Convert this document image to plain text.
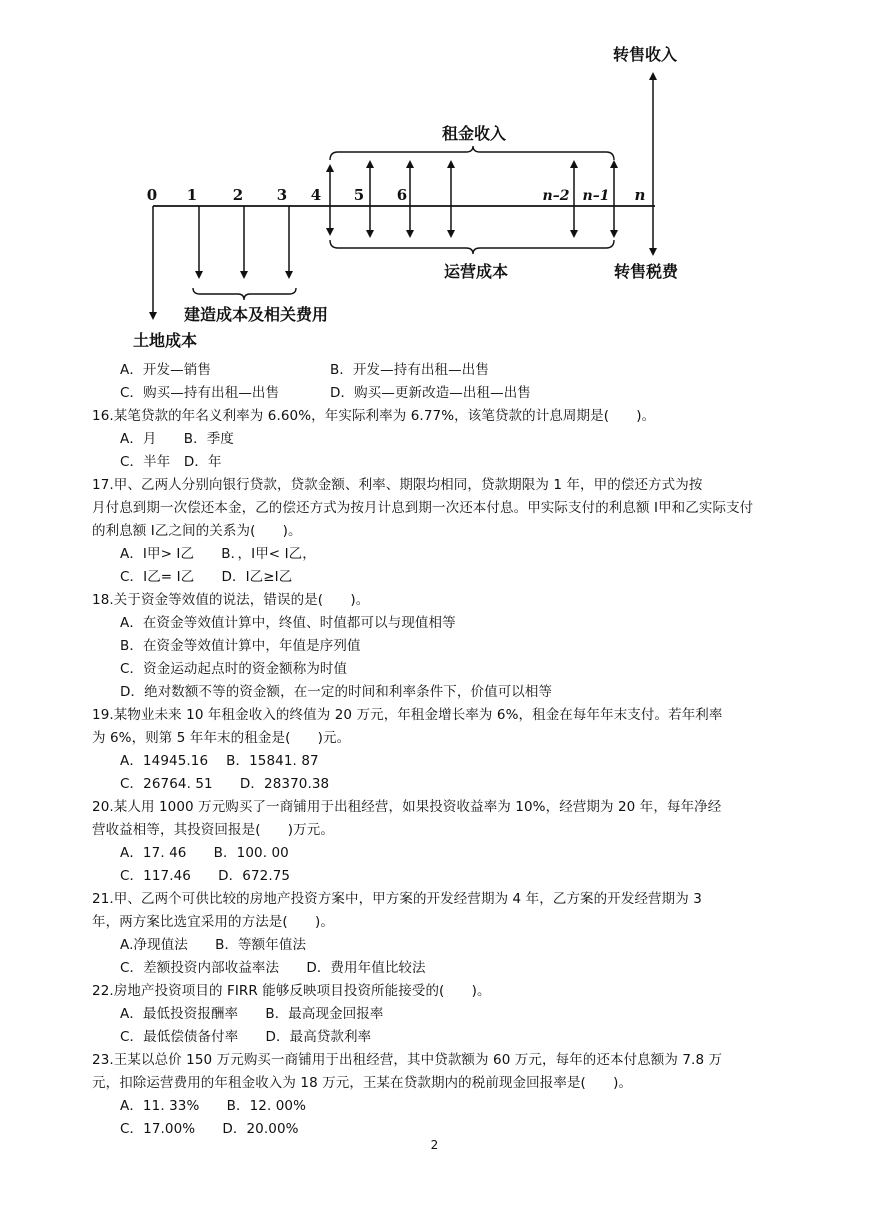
0 1 2 3 4 5 6	n–2 n–1 n
转售收入
租金收入
运营成本	转售税费
建造成本及相关费用
土地成本
A．开发—销售	B．开发—持有出租—出售
C．购买—持有出租—出售	D．购买—更新改造—出租—出售
16.某笔贷款的年名义利率为 6.60%，年实际利率为 6.77%，该笔贷款的计息周期是(　　)。
A．月　　B．季度
C．半年　D．年
17.甲、乙两人分别向银行贷款，贷款金额、利率、期限均相同，贷款期限为 1 年，甲的偿还方式为按
月付息到期一次偿还本金，乙的偿还方式为按月计息到期一次还本付息。甲实际支付的利息额 I甲和乙实际支付
的利息额 I乙之间的关系为(　　)。
A．I甲> I乙　　B．，I甲< I乙，
C．I乙= I乙　　D．I乙≥I乙
18.关于资金等效值的说法，错误的是(　　)。
A．在资金等效值计算中，终值、时值都可以与现值相等
B．在资金等效值计算中，年值是序列值
C．资金运动起点时的资金额称为时值
D．绝对数额不等的资金额，在一定的时间和利率条件下，价值可以相等
19.某物业未来 10 年租金收入的终值为 20 万元，年租金增长率为 6%，租金在每年年末支付。若年利率
为 6%，则第 5 年年末的租金是(　　)元。
A．14945.16　 B．15841. 87
C．26764. 51　　D．28370.38
20.某人用 1000 万元购买了一商铺用于出租经营，如果投资收益率为 10%，经营期为 20 年，每年净经
营收益相等，其投资回报是(　　)万元。
A．17. 46　　B．100. 00
C．117.46　　D．672.75
21.甲、乙两个可供比较的房地产投资方案中，甲方案的开发经营期为 4 年，乙方案的开发经营期为 3
年，两方案比选宜采用的方法是(　　)。
A.净现值法　　B．等额年值法
C．差额投资内部收益率法　　D．费用年值比较法
22.房地产投资项目的 FIRR 能够反映项目投资所能接受的(　　)。
A．最低投资报酬率　　B．最高现金回报率
C．最低偿债备付率　　D．最高贷款利率
23.王某以总价 150 万元购买一商铺用于出租经营，其中贷款额为 60 万元，每年的还本付息额为 7.8 万
元，扣除运营费用的年租金收入为 18 万元，王某在贷款期内的税前现金回报率是(　　)。
A．11. 33%　　B．12. 00%
C．17.00%　　D．20.00%
2
